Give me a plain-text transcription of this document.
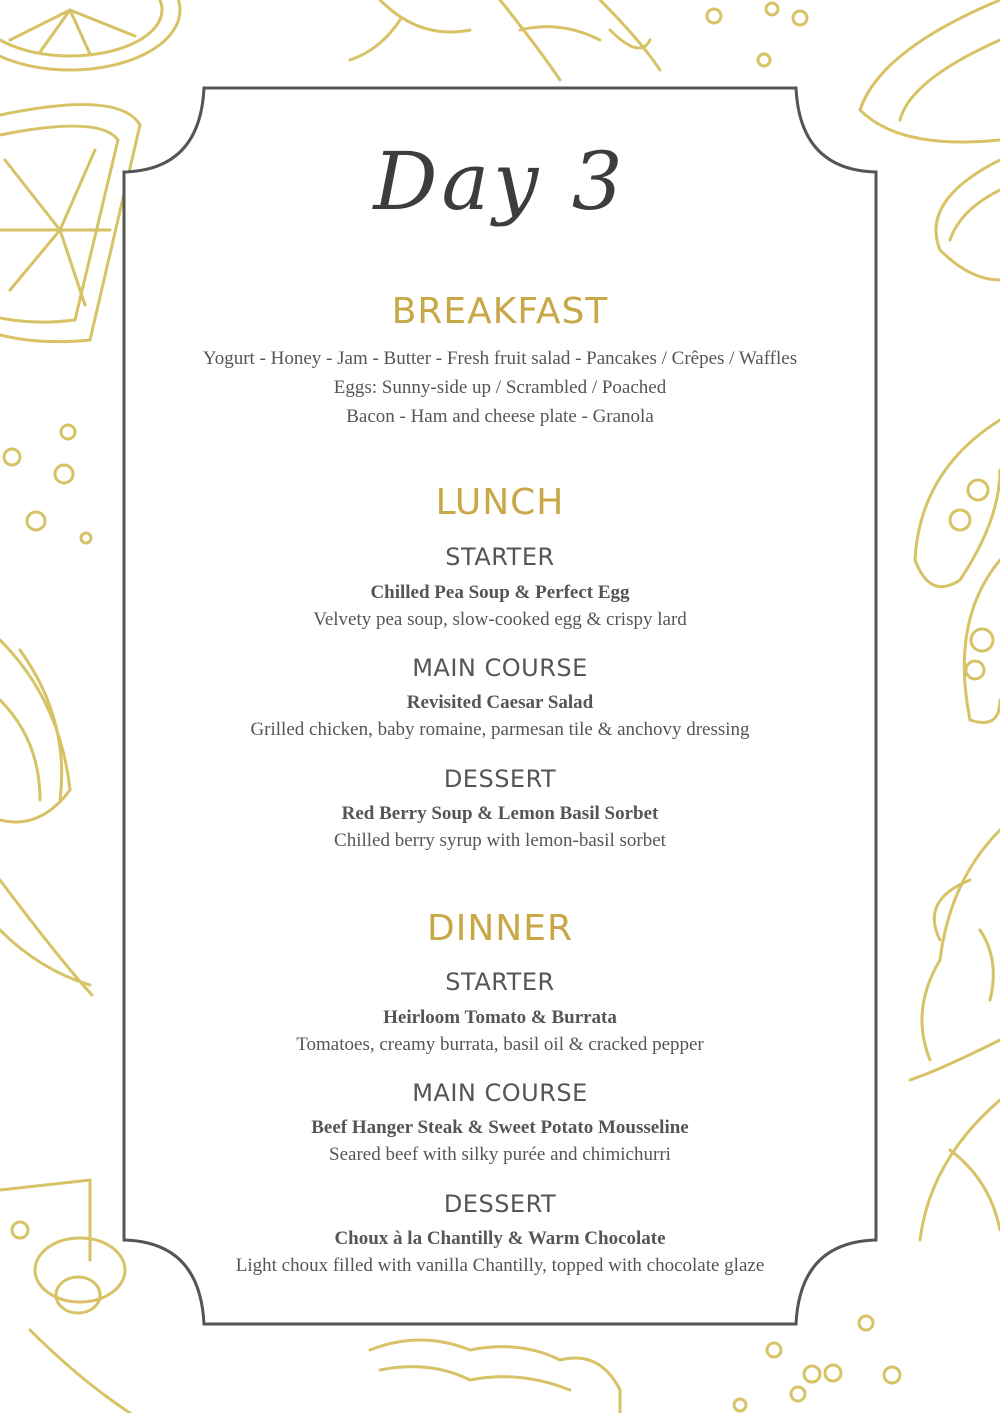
Day 3
BREAKFAST
Yogurt - Honey - Jam - Butter - Fresh fruit salad - Pancakes / Crêpes / Waffles
Eggs: Sunny-side up / Scrambled / Poached
Bacon - Ham and cheese plate - Granola
LUNCH
STARTER
Chilled Pea Soup & Perfect Egg
Velvety pea soup, slow-cooked egg & crispy lard
MAIN COURSE
Revisited Caesar Salad
Grilled chicken, baby romaine, parmesan tile & anchovy dressing
DESSERT
Red Berry Soup & Lemon Basil Sorbet
Chilled berry syrup with lemon-basil sorbet
DINNER
STARTER
Heirloom Tomato & Burrata
Tomatoes, creamy burrata, basil oil & cracked pepper
MAIN COURSE
Beef Hanger Steak & Sweet Potato Mousseline
Seared beef with silky purée and chimichurri
DESSERT
Choux à la Chantilly & Warm Chocolate
Light choux filled with vanilla Chantilly, topped with chocolate glaze
